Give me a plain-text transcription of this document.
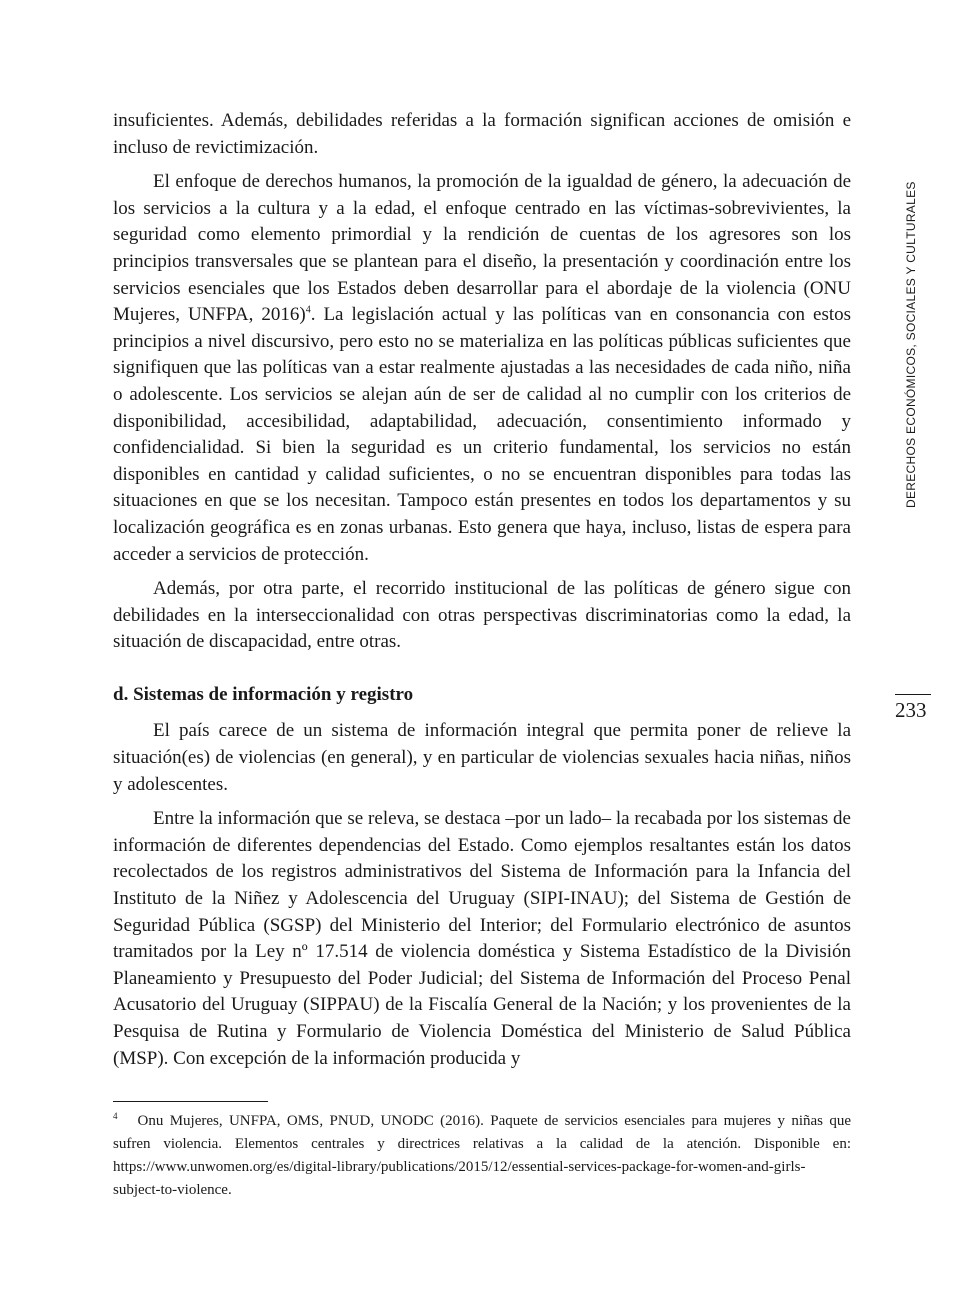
insuficientes. Además, debilidades referidas a la formación significan acciones de omisión e incluso de revictimización.

El enfoque de derechos humanos, la promoción de la igualdad de género, la adecuación de los servicios a la cultura y a la edad, el enfoque centrado en las víctimas-sobrevivientes, la seguridad como elemento primordial y la rendición de cuentas de los agresores son los principios transversales que se plantean para el diseño, la presentación y coordinación entre los servicios esenciales que los Estados deben desarrollar para el abordaje de la violencia (ONU Mujeres, UNFPA, 2016)$^4$. La legislación actual y las políticas van en consonancia con estos principios a nivel discursivo, pero esto no se materializa en las políticas públicas suficientes que signifiquen que las políticas van a estar realmente ajustadas a las necesidades de cada niño, niña o adolescente. Los servicios se alejan aún de ser de calidad al no cumplir con los criterios de disponibilidad, accesibilidad, adaptabilidad, adecuación, consentimiento informado y confidencialidad. Si bien la seguridad es un criterio fundamental, los servicios no están disponibles en cantidad y calidad suficientes, o no se encuentran disponibles para todas las situaciones en que se los necesitan. Tampoco están presentes en todos los departamentos y su localización geográfica es en zonas urbanas. Esto genera que haya, incluso, listas de espera para acceder a servicios de protección.

Además, por otra parte, el recorrido institucional de las políticas de género sigue con debilidades en la interseccionalidad con otras perspectivas discriminatorias como la edad, la situación de discapacidad, entre otras.

d. Sistemas de información y registro

El país carece de un sistema de información integral que permita poner de relieve la situación(es) de violencias (en general), y en particular de violencias sexuales hacia niñas, niños y adolescentes.

Entre la información que se releva, se destaca –por un lado– la recabada por los sistemas de información de diferentes dependencias del Estado. Como ejemplos resaltantes están los datos recolectados de los registros administrativos del Sistema de Información para la Infancia del Instituto de la Niñez y Adolescencia del Uruguay (SIPI-INAU); del Sistema de Gestión de Seguridad Pública (SGSP) del Ministerio del Interior; del Formulario electrónico de asuntos tramitados por la Ley nº 17.514 de violencia doméstica y Sistema Estadístico de la División Planeamiento y Presupuesto del Poder Judicial; del Sistema de Información del Proceso Penal Acusatorio del Uruguay (SIPPAU) de la Fiscalía General de la Nación; y los provenientes de la Pesquisa de Rutina y Formulario de Violencia Doméstica del Ministerio de Salud Pública (MSP). Con excepción de la información producida y

DERECHOS ECONÓMICOS, SOCIALES Y CULTURALES
233
$^4$ Onu Mujeres, UNFPA, OMS, PNUD, UNODC (2016). Paquete de servicios esenciales para mujeres y niñas que sufren violencia. Elementos centrales y directrices relativas a la calidad de la atención. Disponible en: https://www.unwomen.org/es/digital-library/publications/2015/12/essential-services-package-for-women-and-girls-subject-to-violence.
